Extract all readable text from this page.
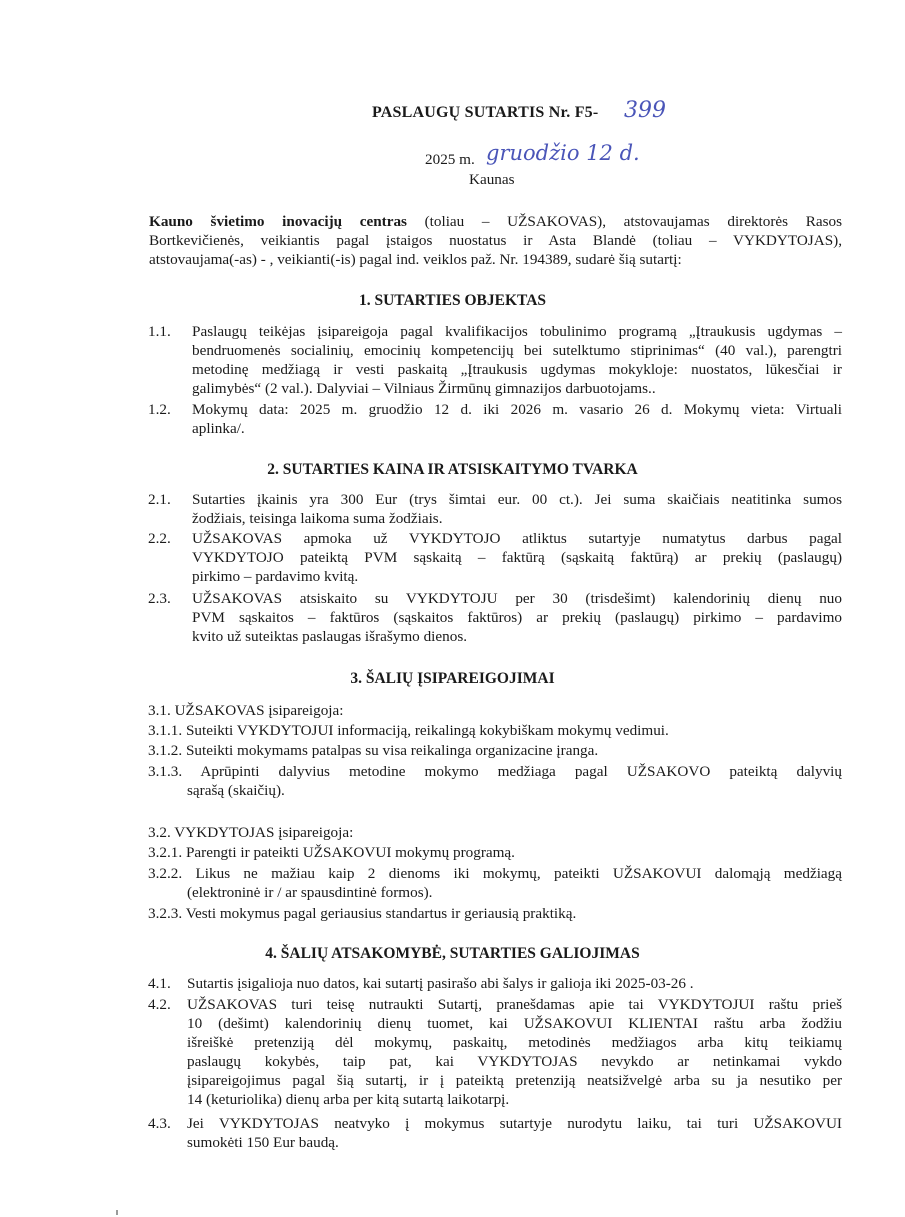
PASLAUGŲ SUTARTIS Nr. F5- 399
2025 m. gruodžio 12 d.
Kaunas
Kauno švietimo inovacijų centras (toliau – UŽSAKOVAS), atstovaujamas direktorės Rasos
Bortkevičienės, veikiantis pagal įstaigos nuostatus ir Asta Blandė (toliau – VYKDYTOJAS),
atstovaujama(-as) - , veikianti(-is) pagal ind. veiklos paž. Nr. 194389, sudarė šią sutartį:
1. SUTARTIES OBJEKTAS
1.1. Paslaugų teikėjas įsipareigoja pagal kvalifikacijos tobulinimo programą „Įtraukusis ugdymas –
bendruomenės socialinių, emocinių kompetencijų bei sutelktumo stiprinimas“ (40 val.), parengtri
metodinę medžiagą ir vesti paskaitą „Įtraukusis ugdymas mokykloje: nuostatos, lūkesčiai ir
galimybės“ (2 val.). Dalyviai – Vilniaus Žirmūnų gimnazijos darbuotojams..
1.2. Mokymų data: 2025 m. gruodžio 12 d. iki 2026 m. vasario 26 d. Mokymų vieta: Virtuali
aplinka/.
2. SUTARTIES KAINA IR ATSISKAITYMO TVARKA
2.1. Sutarties įkainis yra 300 Eur (trys šimtai eur. 00 ct.). Jei suma skaičiais neatitinka sumos
žodžiais, teisinga laikoma suma žodžiais.
2.2. UŽSAKOVAS apmoka už VYKDYTOJO atliktus sutartyje numatytus darbus pagal
VYKDYTOJO pateiktą PVM sąskaitą – faktūrą (sąskaitą faktūrą) ar prekių (paslaugų)
pirkimo – pardavimo kvitą.
2.3. UŽSAKOVAS atsiskaito su VYKDYTOJU per 30 (trisdešimt) kalendorinių dienų nuo
PVM sąskaitos – faktūros (sąskaitos faktūros) ar prekių (paslaugų) pirkimo – pardavimo
kvito už suteiktas paslaugas išrašymo dienos.
3. ŠALIŲ ĮSIPAREIGOJIMAI
3.1. UŽSAKOVAS įsipareigoja:
3.1.1. Suteikti VYKDYTOJUI informaciją, reikalingą kokybiškam mokymų vedimui.
3.1.2. Suteikti mokymams patalpas su visa reikalinga organizacine įranga.
3.1.3. Aprūpinti dalyvius metodine mokymo medžiaga pagal UŽSAKOVO pateiktą dalyvių
sąrašą (skaičių).
3.2. VYKDYTOJAS įsipareigoja:
3.2.1. Parengti ir pateikti UŽSAKOVUI mokymų programą.
3.2.2. Likus ne mažiau kaip 2 dienoms iki mokymų, pateikti UŽSAKOVUI dalomąją medžiagą
(elektroninė ir / ar spausdintinė formos).
3.2.3. Vesti mokymus pagal geriausius standartus ir geriausią praktiką.
4. ŠALIŲ ATSAKOMYBĖ, SUTARTIES GALIOJIMAS
4.1. Sutartis įsigalioja nuo datos, kai sutartį pasirašo abi šalys ir galioja iki 2025-03-26 .
4.2. UŽSAKOVAS turi teisę nutraukti Sutartį, pranešdamas apie tai VYKDYTOJUI raštu prieš
10 (dešimt) kalendorinių dienų tuomet, kai UŽSAKOVUI KLIENTAI raštu arba žodžiu
išreiškė pretenziją dėl mokymų, paskaitų, metodinės medžiagos arba kitų teikiamų
paslaugų kokybės, taip pat, kai VYKDYTOJAS nevykdo ar netinkamai vykdo
įsipareigojimus pagal šią sutartį, ir į pateiktą pretenziją neatsižvelgė arba su ja nesutiko per
14 (keturiolika) dienų arba per kitą sutartą laikotarpį.
4.3. Jei VYKDYTOJAS neatvyko į mokymus sutartyje nurodytu laiku, tai turi UŽSAKOVUI
sumokėti 150 Eur baudą.
